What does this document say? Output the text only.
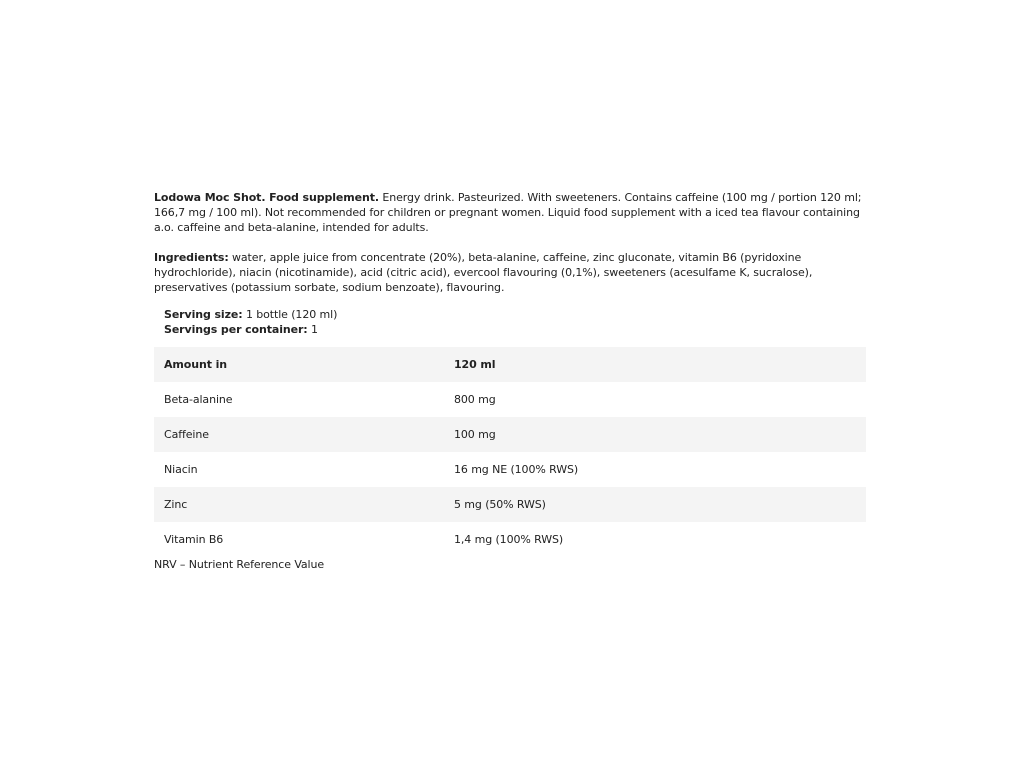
Lodowa Moc Shot. Food supplement. Energy drink. Pasteurized. With sweeteners. Contains caffeine (100 mg / portion 120 ml; 166,7 mg / 100 ml). Not recommended for children or pregnant women. Liquid food supplement with a iced tea flavour containing a.o. caffeine and beta-alanine, intended for adults.

Ingredients: water, apple juice from concentrate (20%), beta-alanine, caffeine, zinc gluconate, vitamin B6 (pyridoxine hydrochloride), niacin (nicotinamide), acid (citric acid), evercool flavouring (0,1%), sweeteners (acesulfame K, sucralose), preservatives (potassium sorbate, sodium benzoate), flavouring.

Serving size: 1 bottle (120 ml)
Servings per container: 1
Amount in	120 ml
Beta-alanine	800 mg
Caffeine	100 mg
Niacin	16 mg NE (100% RWS)
Zinc	5 mg (50% RWS)
Vitamin B6	1,4 mg (100% RWS)
NRV – Nutrient Reference Value
